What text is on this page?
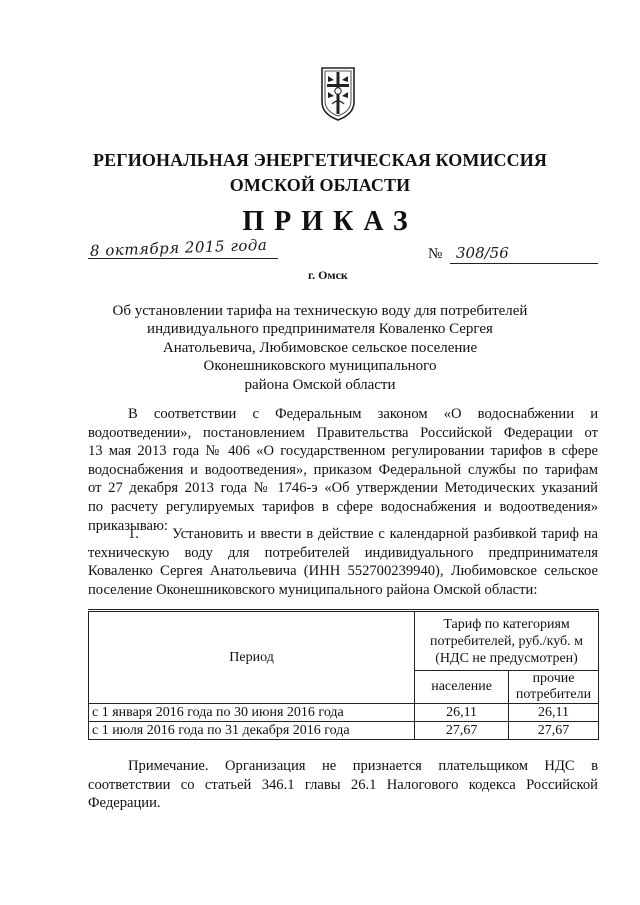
РЕГИОНАЛЬНАЯ ЭНЕРГЕТИЧЕСКАЯ КОМИССИЯ
ОМСКОЙ ОБЛАСТИ
ПРИКАЗ
8 октября 2015 года	№ 308/56
г. Омск
Об установлении тарифа на техническую воду для потребителей
индивидуального предпринимателя Коваленко Сергея
Анатольевича, Любимовское сельское поселение
Оконешниковского муниципального
района Омской области
В соответствии с Федеральным законом «О водоснабжении и
водоотведении», постановлением Правительства Российской Федерации от
13 мая 2013 года № 406 «О государственном регулировании тарифов в сфере
водоснабжения и водоотведения», приказом Федеральной службы по тарифам
от 27 декабря 2013 года № 1746-э «Об утверждении Методических указаний
по расчету регулируемых тарифов в сфере водоснабжения и водоотведения»
приказываю:
1.       Установить и ввести в действие с календарной разбивкой тариф на
техническую воду для потребителей индивидуального предпринимателя
Коваленко Сергея Анатольевича (ИНН 552700239940), Любимовское сельское
поселение Оконешниковского муниципального района Омской области:
Период	Тариф по категориям
потребителей, руб./куб. м
(НДС не предусмотрен)	

	население	прочие
потребители

с 1 января 2016 года по 30 июня 2016 года	26,11	26,11
с 1 июля 2016 года по 31 декабря 2016 года	27,67	27,67
Примечание. Организация не признается плательщиком НДС в
соответствии со статьей 346.1 главы 26.1 Налогового кодекса Российской
Федерации.
